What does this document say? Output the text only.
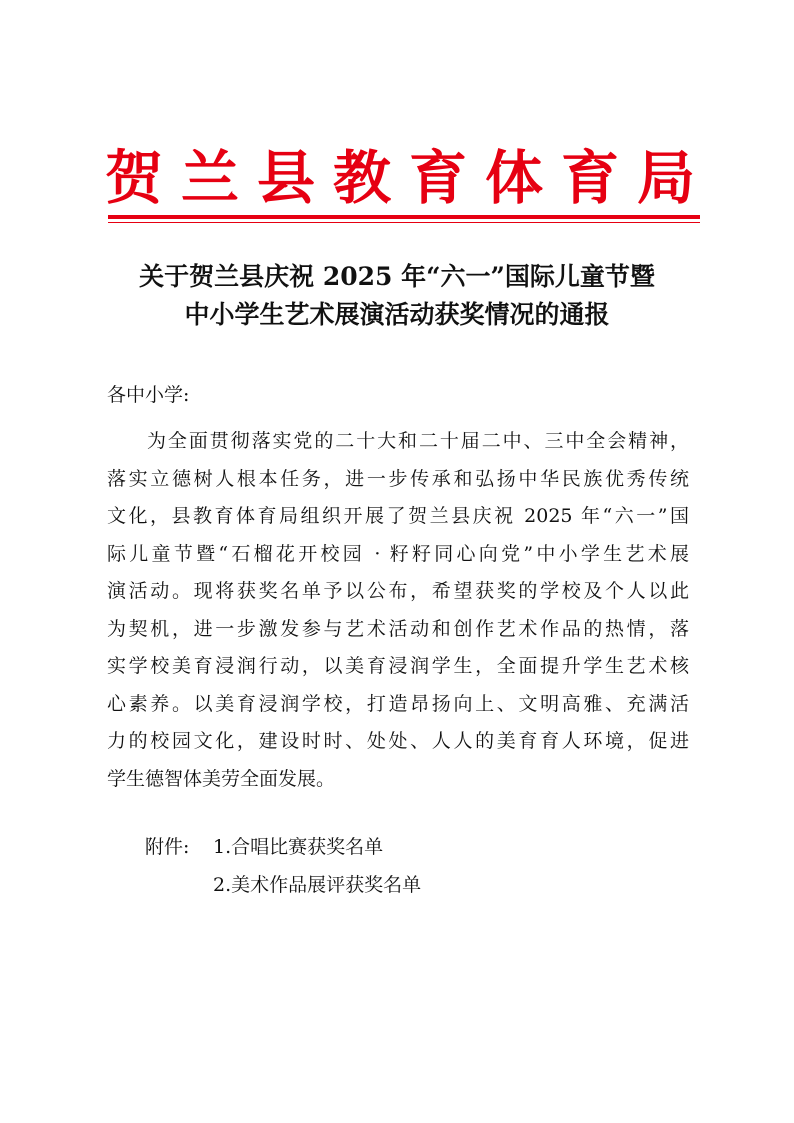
贺兰县教育体育局
关于贺兰县庆祝 2025 年“六一”国际儿童节暨
中小学生艺术展演活动获奖情况的通报
各中小学:
为全面贯彻落实党的二十大和二十届二中、三中全会精神，
落实立德树人根本任务，进一步传承和弘扬中华民族优秀传统
文化，县教育体育局组织开展了贺兰县庆祝 2025 年“六一”国
际儿童节暨“石榴花开校园 · 籽籽同心向党”中小学生艺术展
演活动。现将获奖名单予以公布，希望获奖的学校及个人以此
为契机，进一步激发参与艺术活动和创作艺术作品的热情，落
实学校美育浸润行动，以美育浸润学生，全面提升学生艺术核
心素养。以美育浸润学校，打造昂扬向上、文明高雅、充满活
力的校园文化，建设时时、处处、人人的美育育人环境，促进
学生德智体美劳全面发展。
附件: 1.合唱比赛获奖名单
2.美术作品展评获奖名单
